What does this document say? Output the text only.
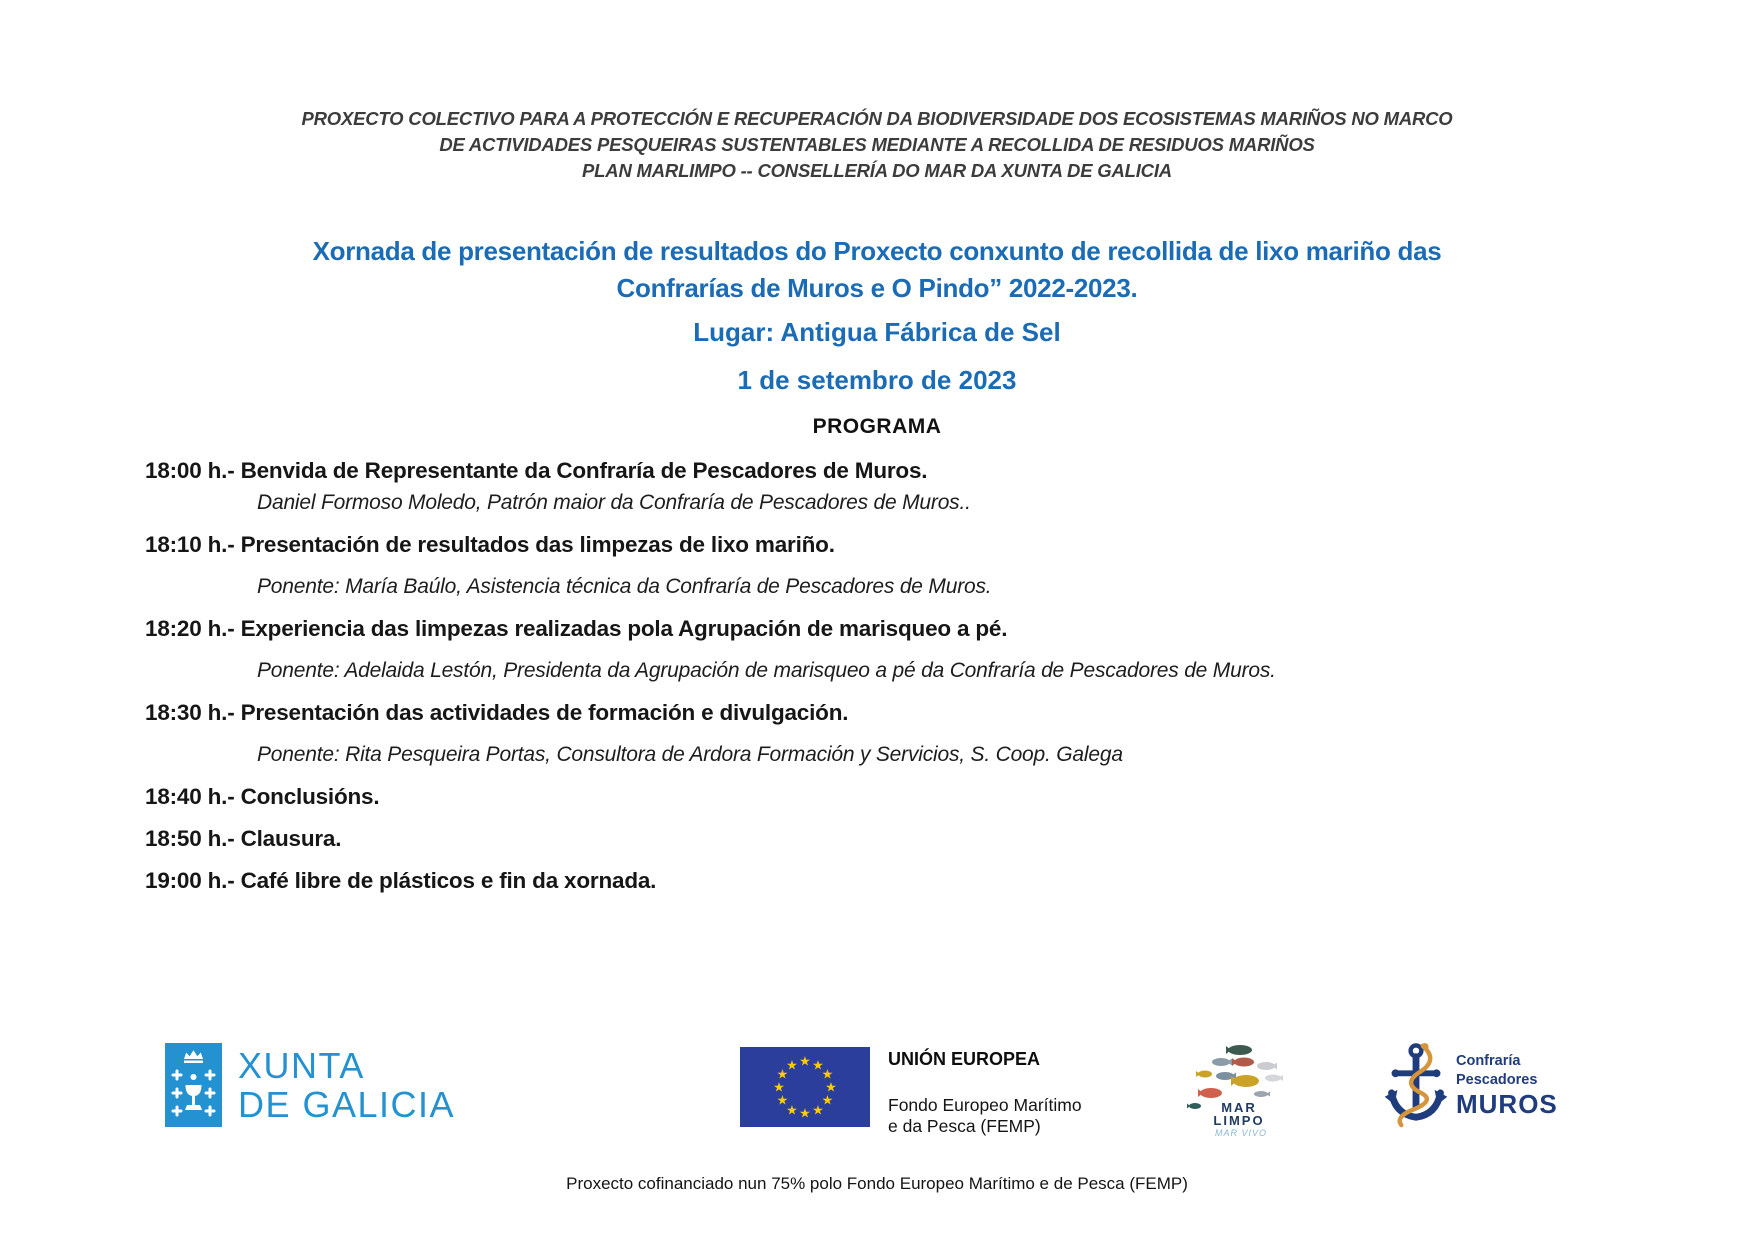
PROXECTO COLECTIVO PARA A PROTECCIÓN E RECUPERACIÓN DA BIODIVERSIDADE DOS ECOSISTEMAS MARIÑOS NO MARCO
DE ACTIVIDADES PESQUEIRAS SUSTENTABLES MEDIANTE A RECOLLIDA DE RESIDUOS MARIÑOS
PLAN MARLIMPO -- CONSELLERÍA DO MAR DA XUNTA DE GALICIA
Xornada de presentación de resultados do Proxecto conxunto de recollida de lixo mariño das
Confrarías de Muros e O Pindo” 2022-2023.
Lugar: Antigua Fábrica de Sel
1 de setembro de 2023
PROGRAMA
18:00 h.- Benvida de Representante da Confraría de Pescadores de Muros.
Daniel Formoso Moledo, Patrón maior da Confraría de Pescadores de Muros..
18:10 h.- Presentación de resultados das limpezas de lixo mariño.
Ponente: María Baúlo, Asistencia técnica da Confraría de Pescadores de Muros.
18:20 h.- Experiencia das limpezas realizadas pola Agrupación de marisqueo a pé.
Ponente: Adelaida Lestón, Presidenta da Agrupación de marisqueo a pé da Confraría de Pescadores de Muros.
18:30 h.- Presentación das actividades de formación e divulgación.
Ponente: Rita Pesqueira Portas, Consultora de Ardora Formación y Servicios, S. Coop. Galega
18:40 h.- Conclusións.
18:50 h.- Clausura.
19:00 h.- Café libre de plásticos e fin da xornada.
XUNTA
DE GALICIA
★
★
★
★
★
★
★
★
★
★
★
★
UNIÓN EUROPEA
Fondo Europeo Marítimo
e da Pesca (FEMP)
MAR
LIMPO
MAR VIVO
Confraría
Pescadores
MUROS
Proxecto cofinanciado nun 75% polo Fondo Europeo Marítimo e de Pesca (FEMP)
